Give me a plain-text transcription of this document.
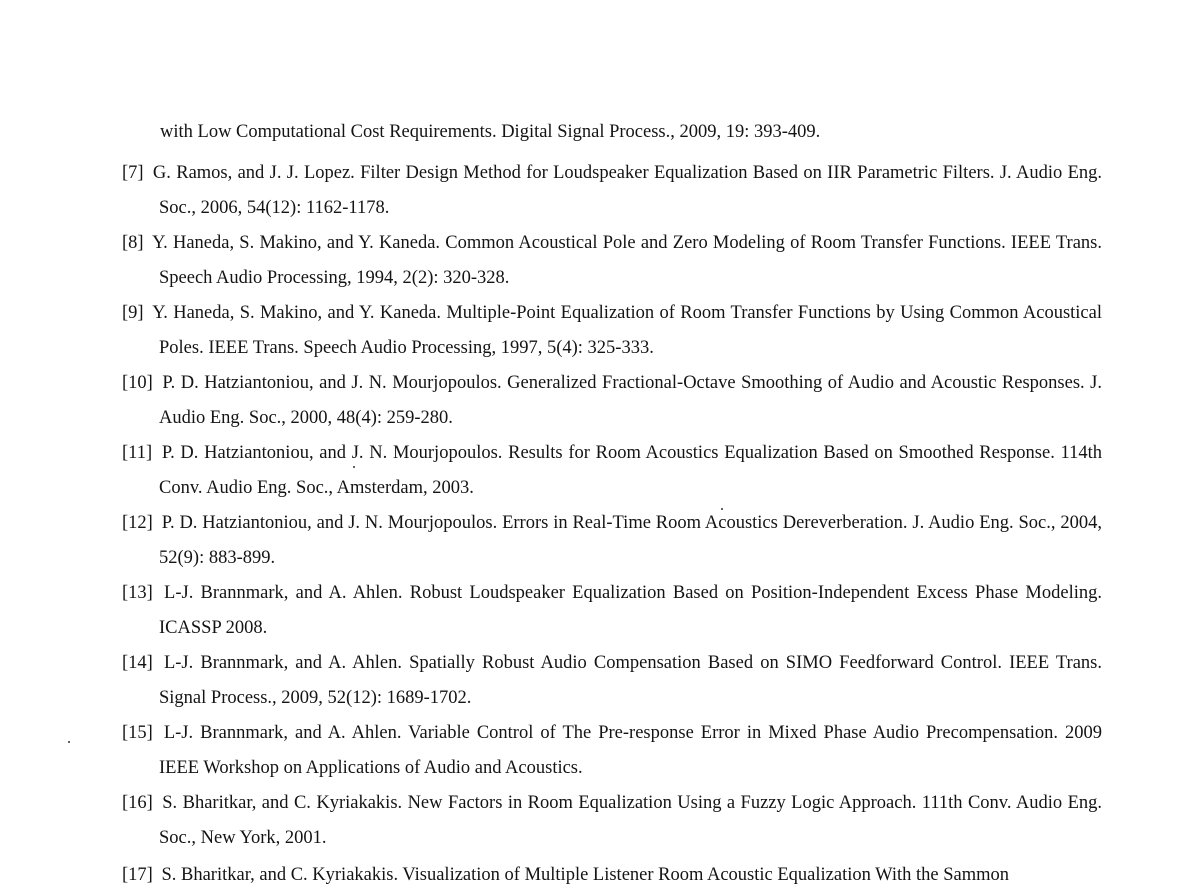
with Low Computational Cost Requirements. Digital Signal Process., 2009, 19: 393-409.
[7] G. Ramos, and J. J. Lopez. Filter Design Method for Loudspeaker Equalization Based on IIR Parametric Filters. J. Audio Eng. Soc., 2006, 54(12): 1162-1178.
[8] Y. Haneda, S. Makino, and Y. Kaneda. Common Acoustical Pole and Zero Modeling of Room Transfer Functions. IEEE Trans. Speech Audio Processing, 1994, 2(2): 320-328.
[9] Y. Haneda, S. Makino, and Y. Kaneda. Multiple-Point Equalization of Room Transfer Functions by Using Common Acoustical Poles. IEEE Trans. Speech Audio Processing, 1997, 5(4): 325-333.
[10] P. D. Hatziantoniou, and J. N. Mourjopoulos. Generalized Fractional-Octave Smoothing of Audio and Acoustic Responses. J. Audio Eng. Soc., 2000, 48(4): 259-280.
[11] P. D. Hatziantoniou, and J. N. Mourjopoulos. Results for Room Acoustics Equalization Based on Smoothed Response. 114th Conv. Audio Eng. Soc., Amsterdam, 2003.
[12] P. D. Hatziantoniou, and J. N. Mourjopoulos. Errors in Real-Time Room Acoustics Dereverberation. J. Audio Eng. Soc., 2004, 52(9): 883-899.
[13] L-J. Brannmark, and A. Ahlen. Robust Loudspeaker Equalization Based on Position-Independent Excess Phase Modeling. ICASSP 2008.
[14] L-J. Brannmark, and A. Ahlen. Spatially Robust Audio Compensation Based on SIMO Feedforward Control. IEEE Trans. Signal Process., 2009, 52(12): 1689-1702.
[15] L-J. Brannmark, and A. Ahlen. Variable Control of The Pre-response Error in Mixed Phase Audio Precompensation. 2009 IEEE Workshop on Applications of Audio and Acoustics.
[16] S. Bharitkar, and C. Kyriakakis. New Factors in Room Equalization Using a Fuzzy Logic Approach. 111th Conv. Audio Eng. Soc., New York, 2001.
[17] S. Bharitkar, and C. Kyriakakis. Visualization of Multiple Listener Room Acoustic Equalization With the Sammon
